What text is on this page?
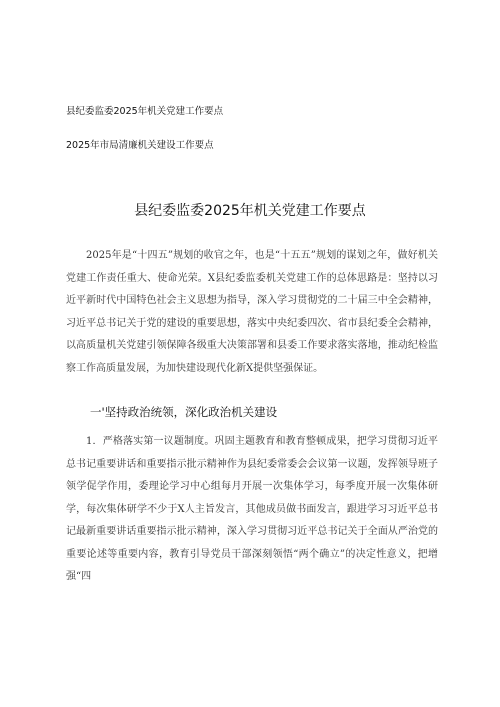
县纪委监委2025年机关党建工作要点
2025年市局清廉机关建设工作要点
县纪委监委2025年机关党建工作要点
2025年是“十四五”规划的收官之年，也是“十五五”规划的谋划之年，做好机关党建工作责任重大、使命光荣。X县纪委监委机关党建工作的总体思路是：坚持以习近平新时代中国特色社会主义思想为指导，深入学习贯彻党的二十届三中全会精神，习近平总书记关于党的建设的重要思想，落实中央纪委四次、省市县纪委全会精神，以高质量机关党建引领保障各级重大决策部署和县委工作要求落实落地，推动纪检监察工作高质量发展，为加快建设现代化新X提供坚强保证。
一'坚持政治统领，深化政治机关建设
1．严格落实第一议题制度。巩固主题教育和教育整顿成果，把学习贯彻习近平总书记重要讲话和重要指示批示精神作为县纪委常委会会议第一议题，发挥领导班子领学促学作用，委理论学习中心组每月开展一次集体学习，每季度开展一次集体研学，每次集体研学不少于X人主旨发言，其他成员做书面发言，跟进学习习近平总书记最新重要讲话重要指示批示精神，深入学习贯彻习近平总书记关于全面从严治党的重要论述等重要内容，教育引导党员干部深刻领悟“两个确立”的决定性意义，把增强“四
